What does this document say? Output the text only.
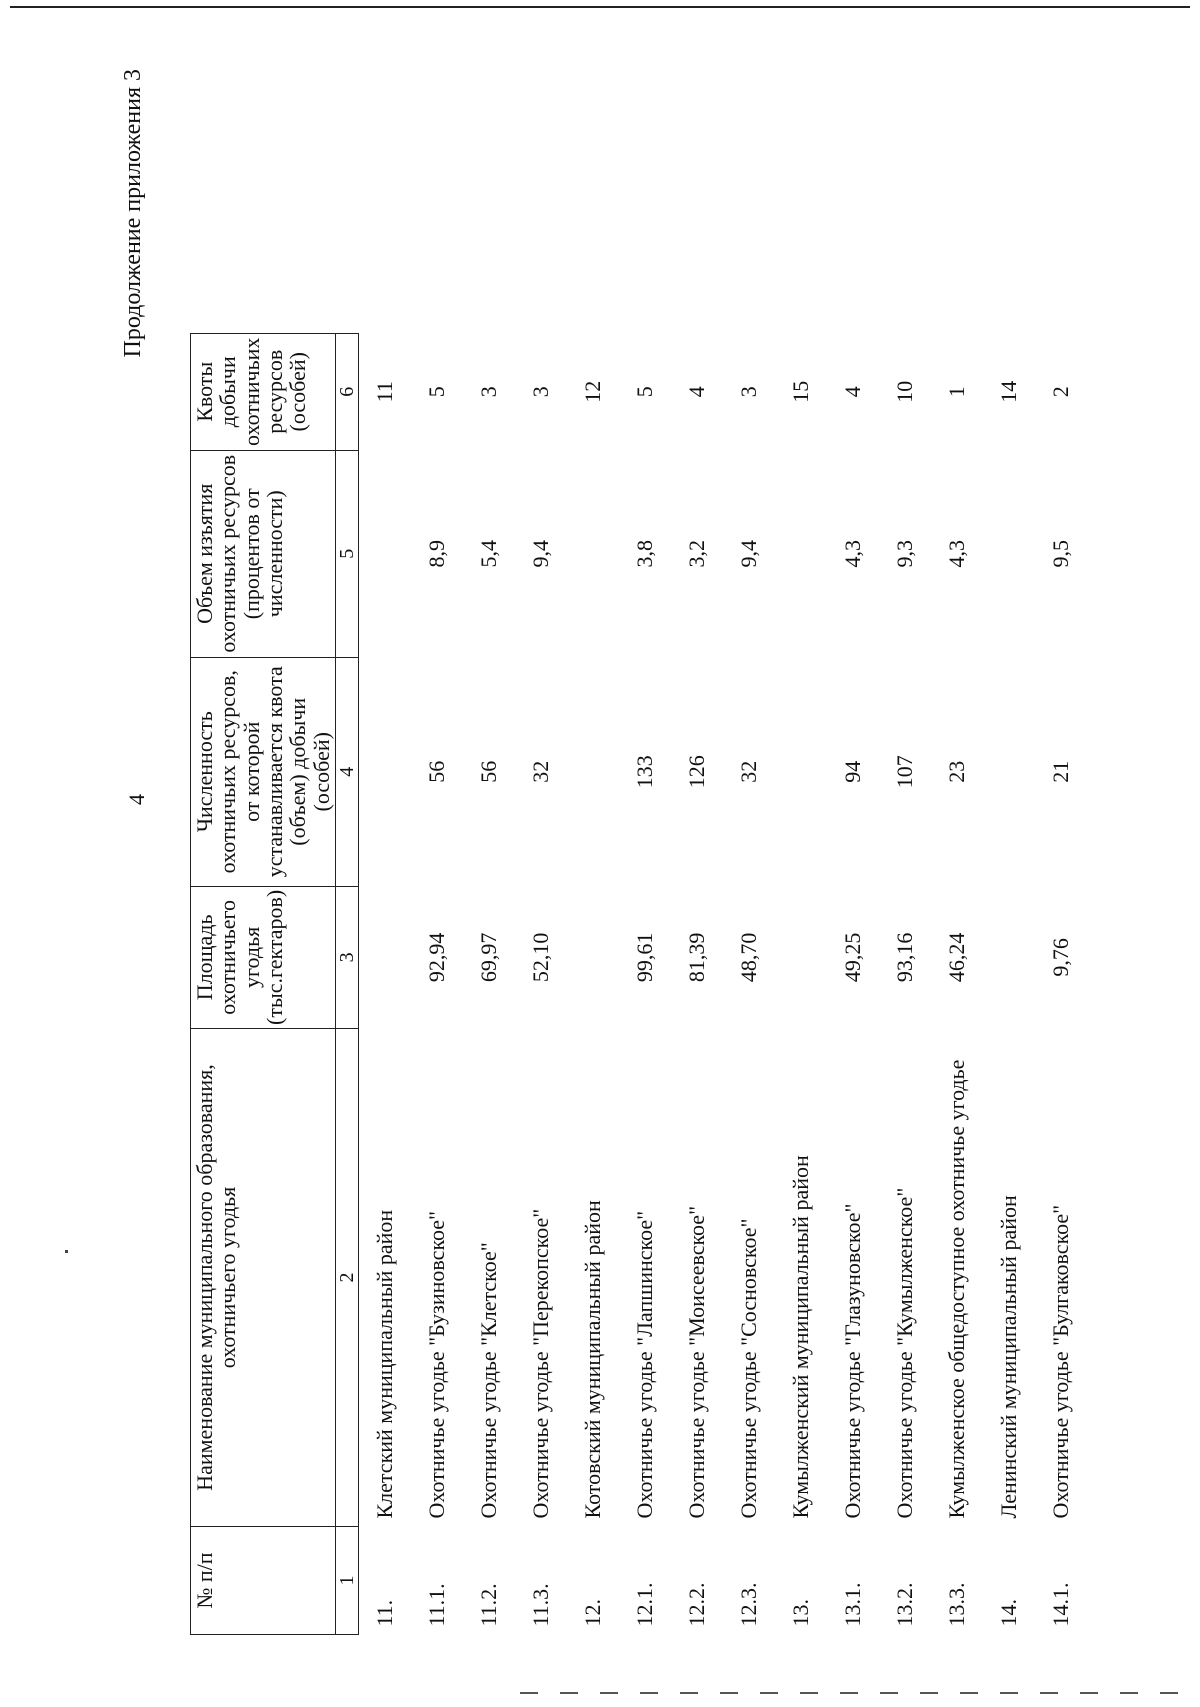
4
Продолжение приложения 3
№ п/п	Наименование муниципального образования, охотничьего угодья	Площадь охотничьего угодья (тыс.гектаров)	Численность охотничьих ресурсов, от которой устанавливается квота (объем) добычи (особей)	Объем изъятия охотничьих ресурсов (процентов от численности)	Квоты добычи охотничьих ресурсов (особей)
1	2	3	4	5	6
11.	Клетский муниципальный район				11
11.1.	Охотничье угодье "Бузиновское"	92,94	56	8,9	5
11.2.	Охотничье угодье "Клетское"	69,97	56	5,4	3
11.3.	Охотничье угодье "Перекопское"	52,10	32	9,4	3
12.	Котовский муниципальный район				12
12.1.	Охотничье угодье "Лапшинское"	99,61	133	3,8	5
12.2.	Охотничье угодье "Моисеевское"	81,39	126	3,2	4
12.3.	Охотничье угодье "Сосновское"	48,70	32	9,4	3
13.	Кумылженский муниципальный район				15
13.1.	Охотничье угодье "Глазуновское"	49,25	94	4,3	4
13.2.	Охотничье угодье "Кумылженское"	93,16	107	9,3	10
13.3.	Кумылженское общедоступное охотничье угодье	46,24	23	4,3	1
14.	Ленинский муниципальный район				14
14.1.	Охотничье угодье "Булгаковское"	9,76	21	9,5	2
